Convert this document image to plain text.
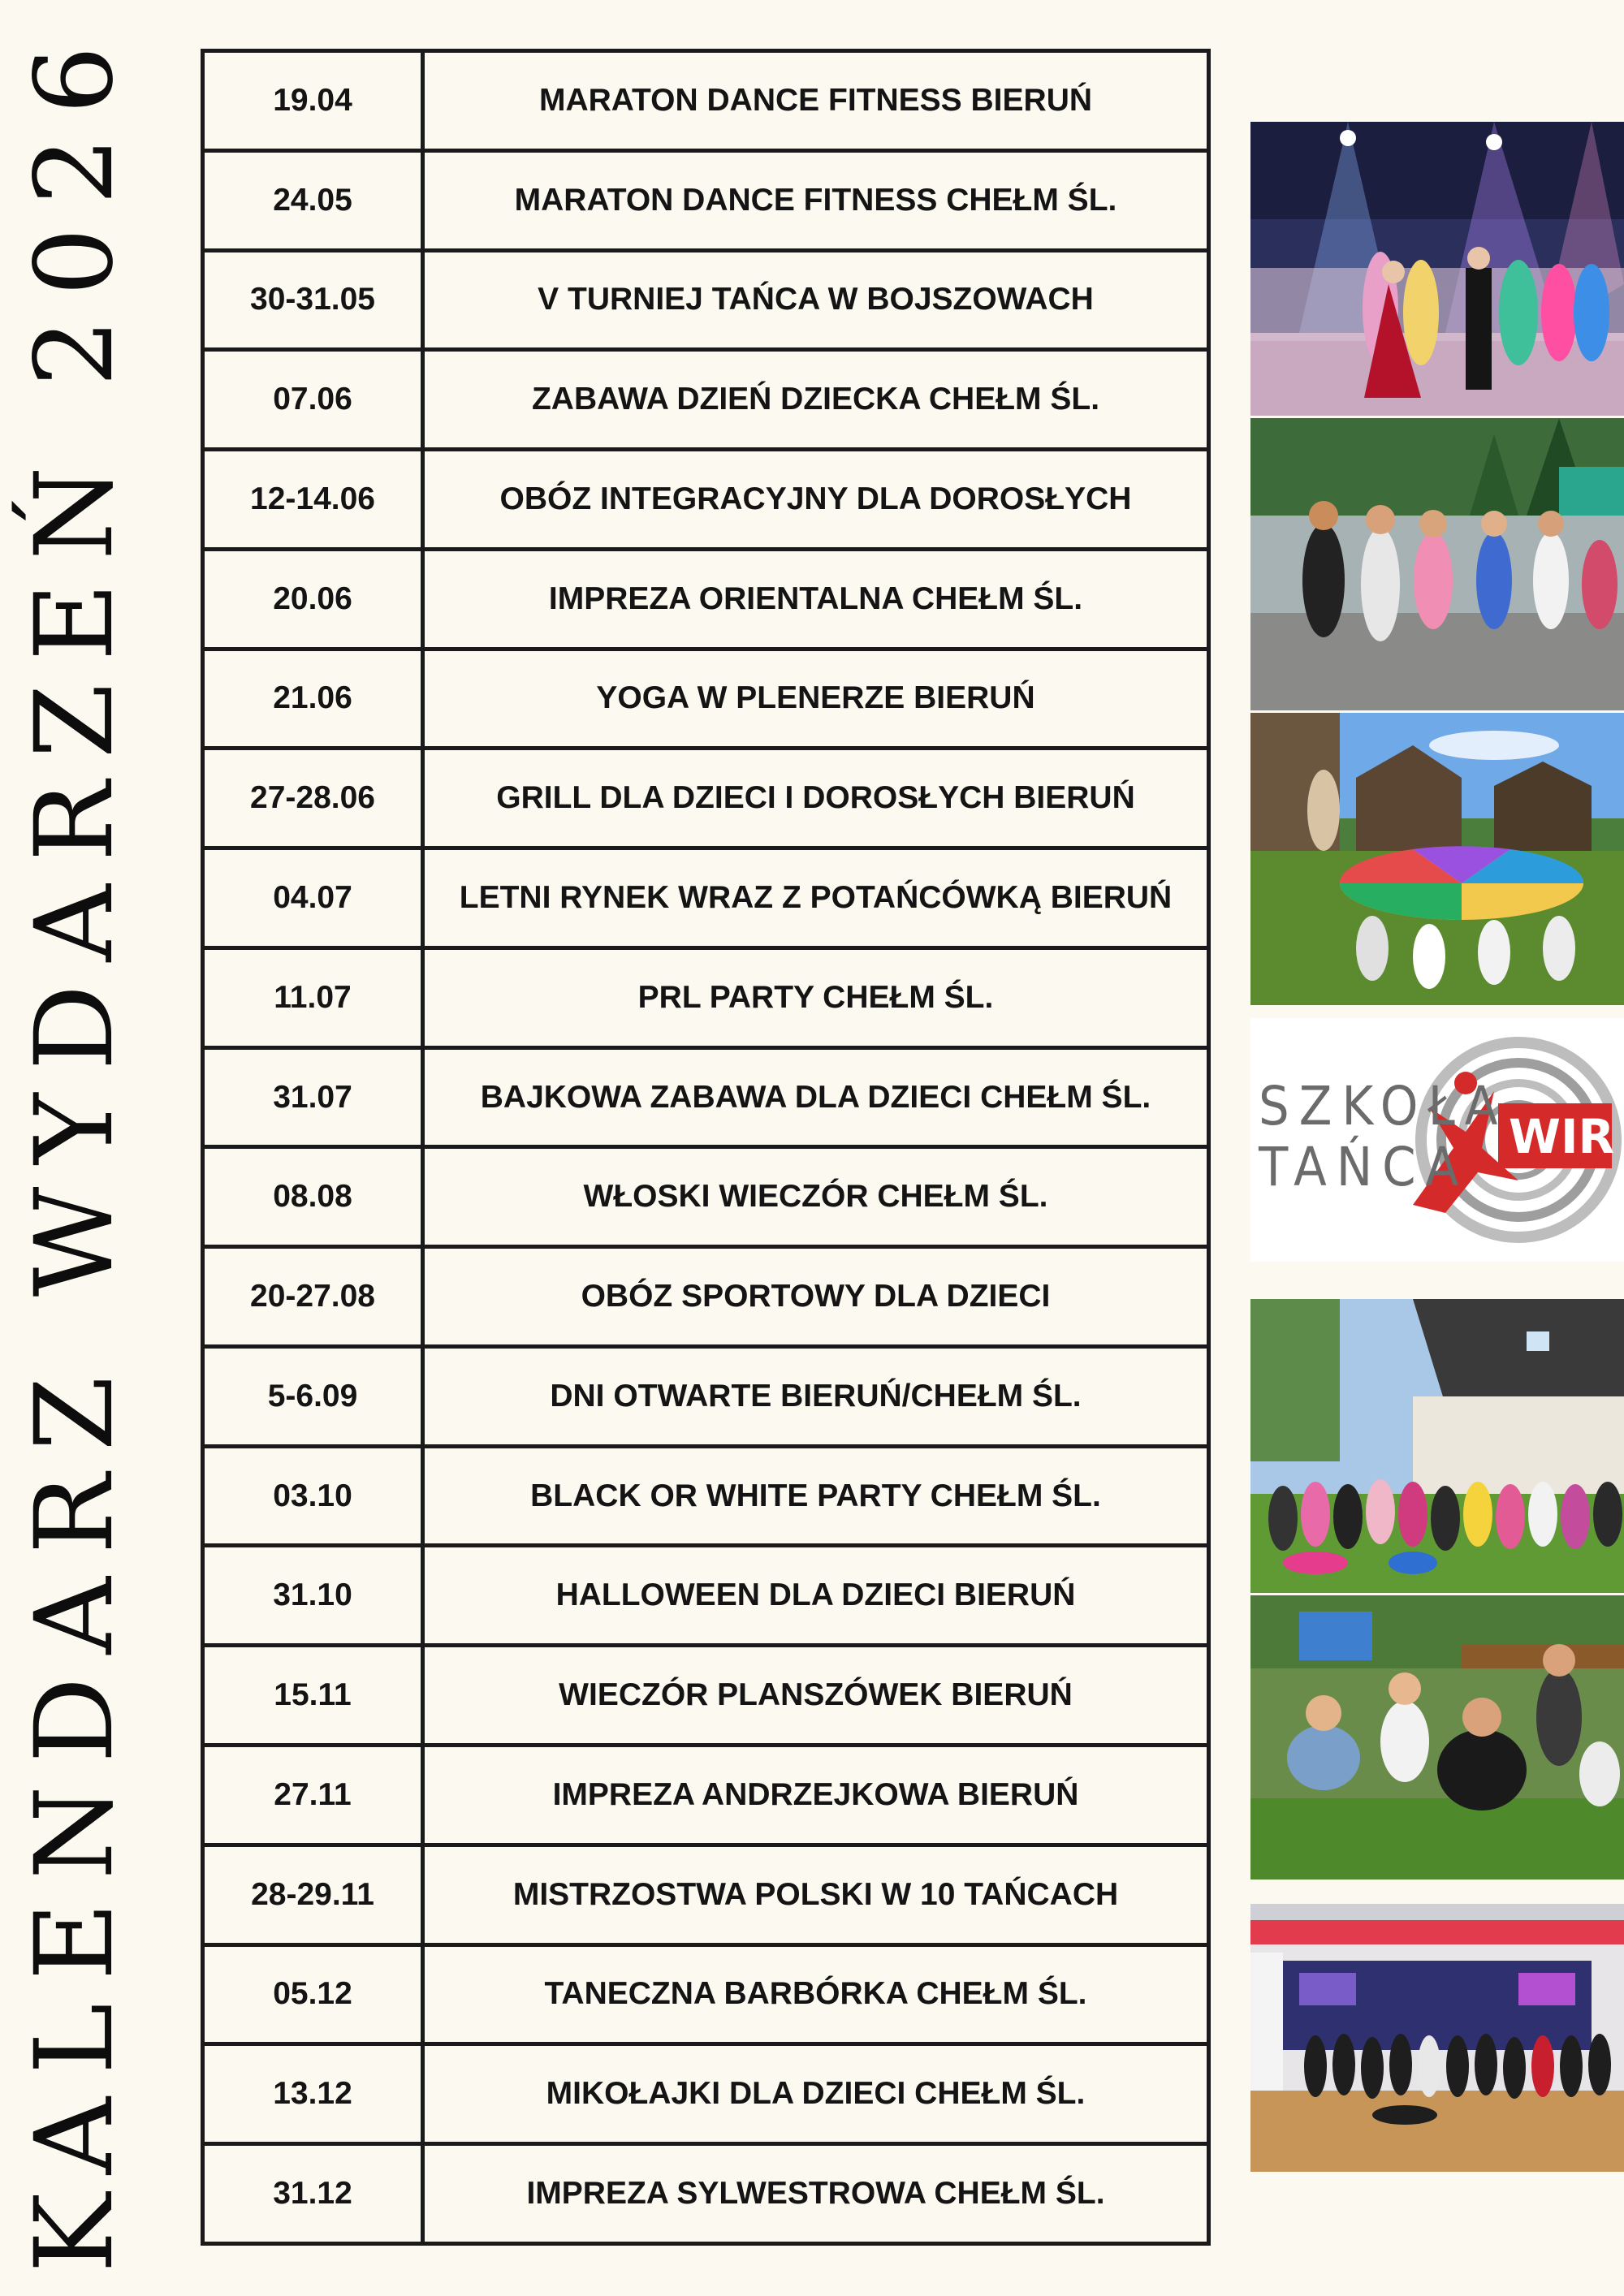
KALENDARZ WYDARZEŃ 2026	19.04	MARATON DANCE FITNESS BIERUŃ
24.05	MARATON DANCE FITNESS CHEŁM ŚL.
30-31.05	V TURNIEJ TAŃCA W BOJSZOWACH
07.06	ZABAWA DZIEŃ DZIECKA CHEŁM ŚL.
12-14.06	OBÓZ INTEGRACYJNY DLA DOROSŁYCH
20.06	IMPREZA ORIENTALNA CHEŁM ŚL.
21.06	YOGA W PLENERZE BIERUŃ
27-28.06	GRILL DLA DZIECI I DOROSŁYCH BIERUŃ
04.07	LETNI RYNEK WRAZ Z POTAŃCÓWKĄ BIERUŃ
11.07	PRL PARTY CHEŁM ŚL.
31.07	BAJKOWA ZABAWA DLA DZIECI CHEŁM ŚL.
08.08	WŁOSKI WIECZÓR CHEŁM ŚL.
20-27.08	OBÓZ SPORTOWY DLA DZIECI
5-6.09	DNI OTWARTE BIERUŃ/CHEŁM ŚL.
03.10	BLACK OR WHITE PARTY CHEŁM ŚL.
31.10	HALLOWEEN DLA DZIECI BIERUŃ
15.11	WIECZÓR PLANSZÓWEK BIERUŃ
27.11	IMPREZA ANDRZEJKOWA BIERUŃ
28-29.11	MISTRZOSTWA POLSKI W 10 TAŃCACH
05.12	TANECZNA BARBÓRKA CHEŁM ŚL.
13.12	MIKOŁAJKI DLA DZIECI CHEŁM ŚL.
31.12	IMPREZA SYLWESTROWA CHEŁM ŚL.
SZKOŁA
TAŃCA WIR
